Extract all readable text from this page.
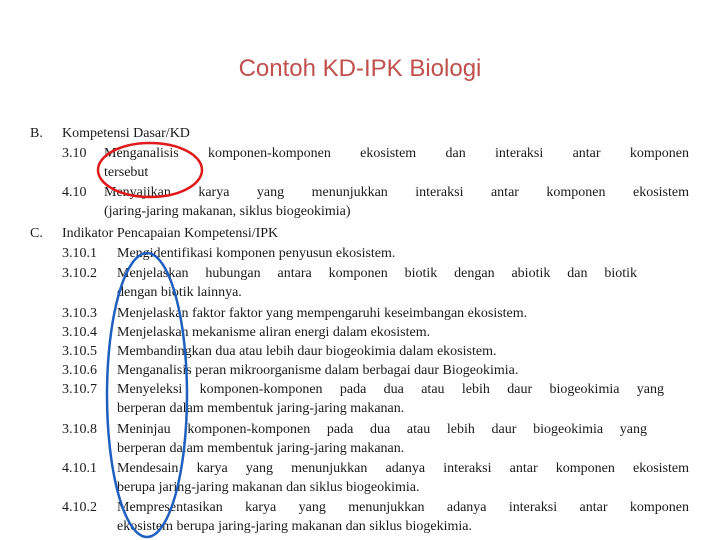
Contoh KD-IPK Biologi
B. Kompetensi Dasar/KD
3.10 Menganalisis komponen-komponen ekosistem dan interaksi antar komponen
tersebut
4.10 Menyajikan karya yang menunjukkan interaksi antar komponen ekosistem
(jaring-jaring makanan, siklus biogeokimia)
C. Indikator Pencapaian Kompetensi/IPK
3.10.1 Mengidentifikasi komponen penyusun ekosistem.
3.10.2 Menjelaskan hubungan antara komponen biotik dengan abiotik dan biotik
dengan biotik lainnya.
3.10.3 Menjelaskan faktor faktor yang mempengaruhi keseimbangan ekosistem.
3.10.4 Menjelaskan mekanisme aliran energi dalam ekosistem.
3.10.5 Membandingkan dua atau lebih daur biogeokimia dalam ekosistem.
3.10.6 Menganalisis peran mikroorganisme dalam berbagai daur Biogeokimia.
3.10.7 Menyeleksi komponen-komponen pada dua atau lebih daur biogeokimia yang
berperan dalam membentuk jaring-jaring makanan.
3.10.8 Meninjau komponen-komponen pada dua atau lebih daur biogeokimia yang
berperan dalam membentuk jaring-jaring makanan.
4.10.1 Mendesain karya yang menunjukkan adanya interaksi antar komponen ekosistem
berupa jaring-jaring makanan dan siklus biogeokimia.
4.10.2 Mempresentasikan karya yang menunjukkan adanya interaksi antar komponen
ekosistem berupa jaring-jaring makanan dan siklus biogekimia.
